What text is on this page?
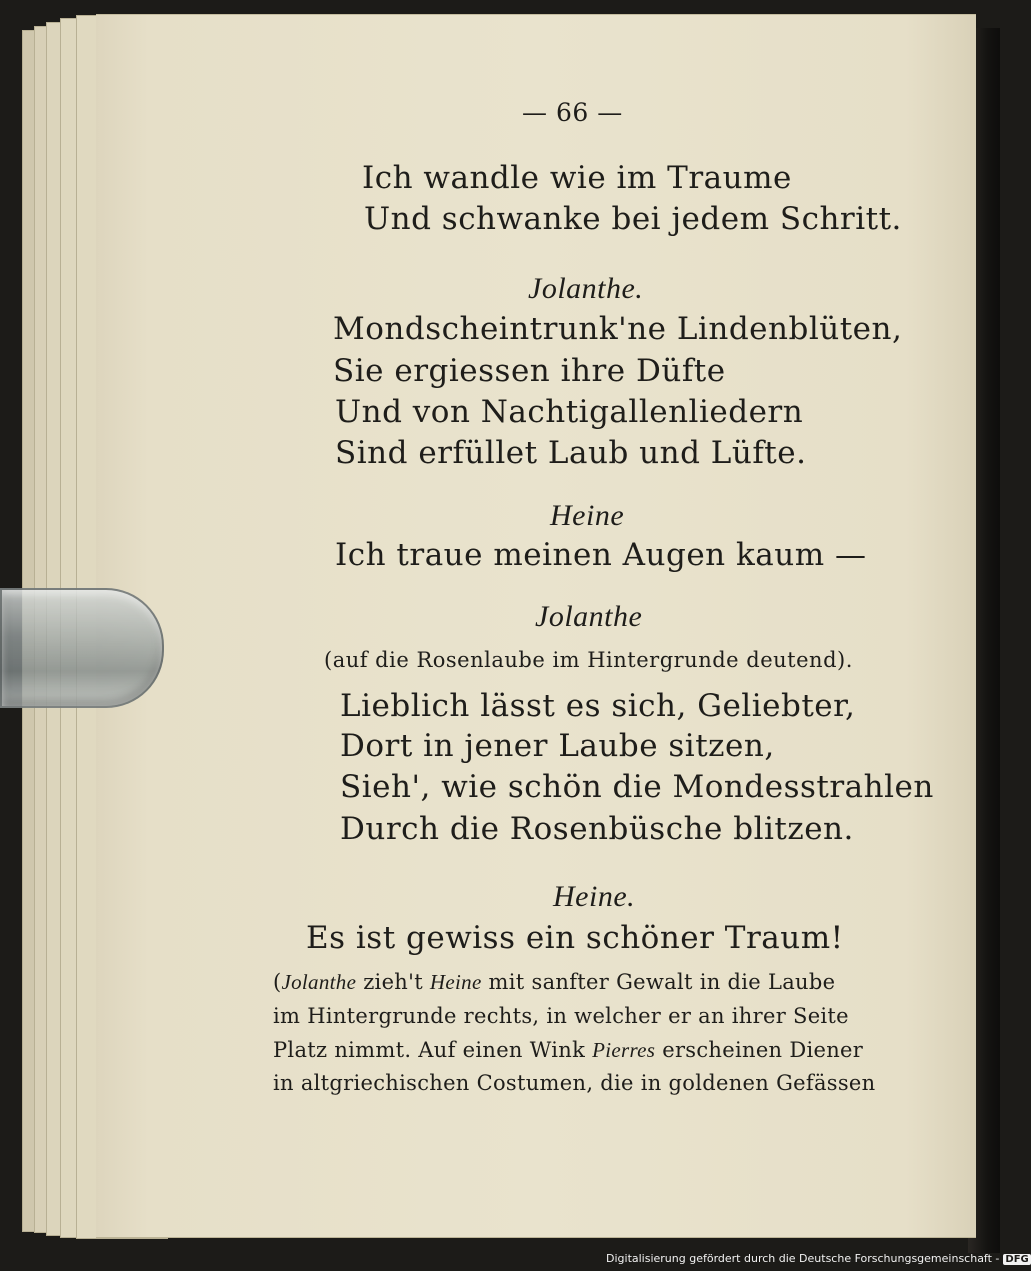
— 66 —
Ich wandle wie im Traume
Und schwanke bei jedem Schritt.
Jolanthe.
Mondscheintrunk'ne Lindenblüten,
Sie ergiessen ihre Düfte
Und von Nachtigallenliedern
Sind erfüllet Laub und Lüfte.
Heine
Ich traue meinen Augen kaum —
Jolanthe
(auf die Rosenlaube im Hintergrunde deutend).
Lieblich lässt es sich, Geliebter,
Dort in jener Laube sitzen,
Sieh', wie schön die Mondesstrahlen
Durch die Rosenbüsche blitzen.
Heine.
Es ist gewiss ein schöner Traum!
(Jolanthe zieh't Heine mit sanfter Gewalt in die Laube
im Hintergrunde rechts, in welcher er an ihrer Seite
Platz nimmt. Auf einen Wink Pierres erscheinen Diener
in altgriechischen Costumen, die in goldenen Gefässen
Digitalisierung gefördert durch die Deutsche Forschungsgemeinschaft - DFG
